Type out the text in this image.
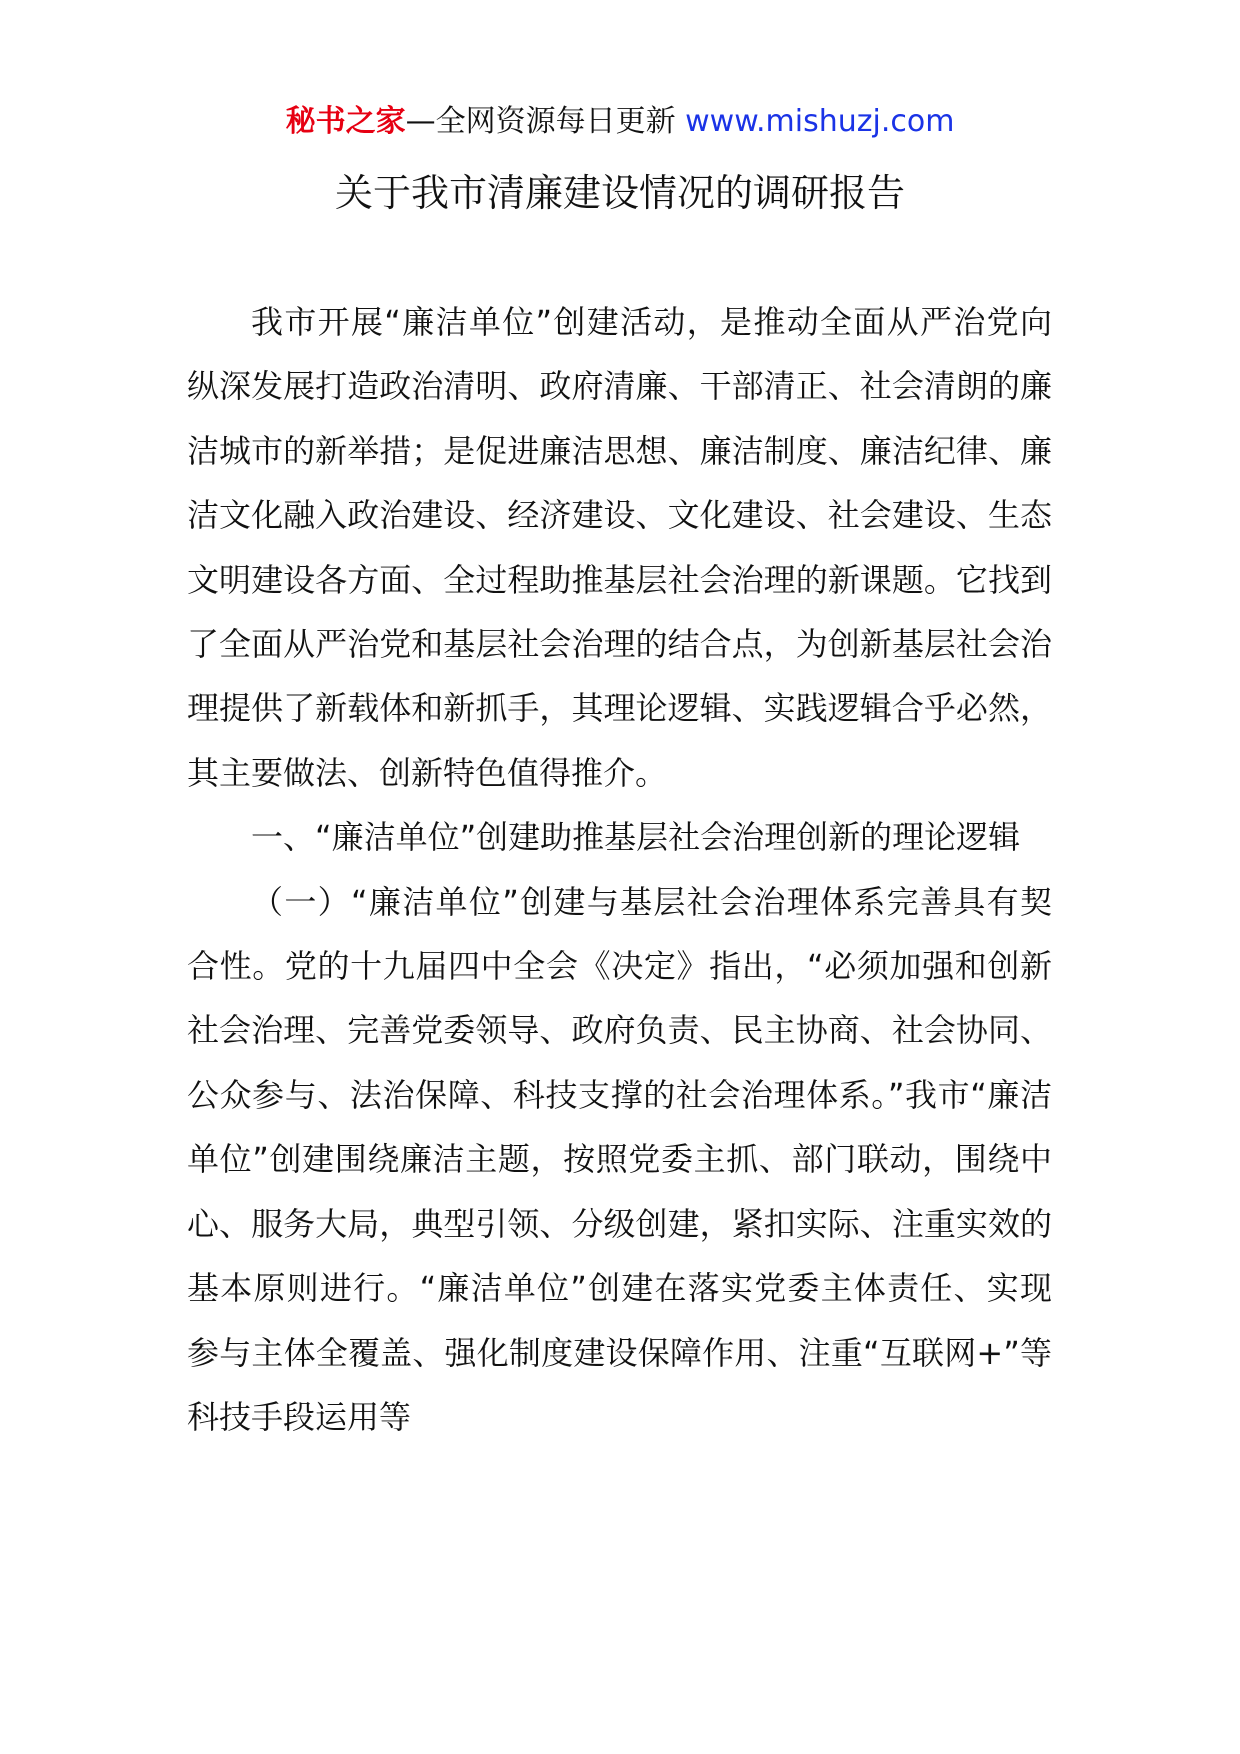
秘书之家—全网资源每日更新 www.mishuzj.com
关于我市清廉建设情况的调研报告

我市开展“廉洁单位”创建活动，是推动全面从严治党向纵深发展打造政治清明、政府清廉、干部清正、社会清朗的廉洁城市的新举措；是促进廉洁思想、廉洁制度、廉洁纪律、廉洁文化融入政治建设、经济建设、文化建设、社会建设、生态文明建设各方面、全过程助推基层社会治理的新课题。它找到了全面从严治党和基层社会治理的结合点，为创新基层社会治理提供了新载体和新抓手，其理论逻辑、实践逻辑合乎必然，其主要做法、创新特色值得推介。

一、“廉洁单位”创建助推基层社会治理创新的理论逻辑

（一）“廉洁单位”创建与基层社会治理体系完善具有契合性。党的十九届四中全会《决定》指出，“必须加强和创新社会治理、完善党委领导、政府负责、民主协商、社会协同、公众参与、法治保障、科技支撑的社会治理体系。”我市“廉洁单位”创建围绕廉洁主题，按照党委主抓、部门联动，围绕中心、服务大局，典型引领、分级创建，紧扣实际、注重实效的基本原则进行。“廉洁单位”创建在落实党委主体责任、实现参与主体全覆盖、强化制度建设保障作用、注重“互联网+”等科技手段运用等
